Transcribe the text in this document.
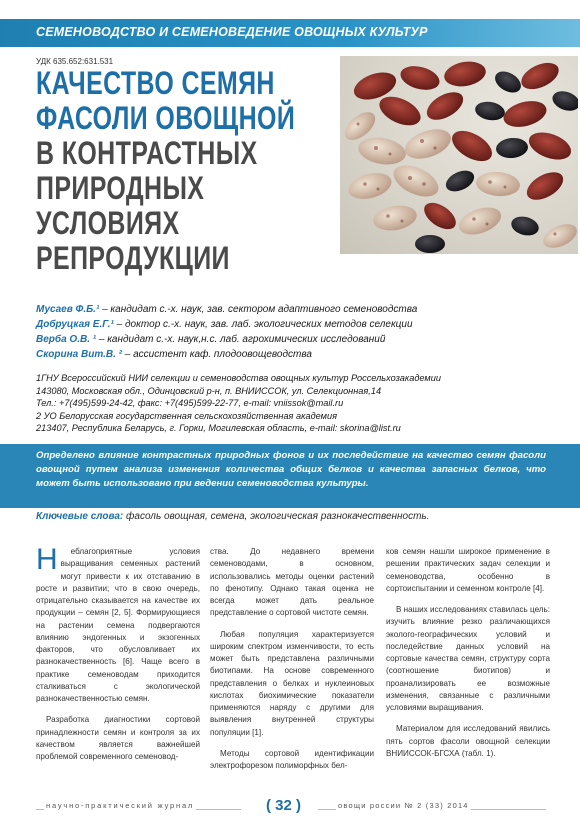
СЕМЕНОВОДСТВО И СЕМЕНОВЕДЕНИЕ ОВОЩНЫХ КУЛЬТУР
УДК 635.652:631.531
КАЧЕСТВО СЕМЯН
ФАСОЛИ ОВОЩНОЙ
В КОНТРАСТНЫХ
ПРИРОДНЫХ
УСЛОВИЯХ
РЕПРОДУКЦИИ
Мусаев Ф.Б.¹ – кандидат с.-х. наук, зав. сектором адаптивного семеноводства
Добруцкая Е.Г.¹ – доктор с.-х. наук, зав. лаб. экологических методов селекции
Верба О.В. ¹ – кандидат с.-х. наук,н.с. лаб. агрохимических исследований
Скорина Вит.В. ² – ассистент каф. плодоовощеводства
1ГНУ Всероссийский НИИ селекции и семеноводства овощных культур Россельхозакадемии
143080, Московская обл., Одинцовский р-н, п. ВНИИССОК, ул. Селекционная,14
Тел.: +7(495)599-24-42, факс: +7(495)599-22-77, e-mail: vniissok@mail.ru
2 УО Белорусская государственная сельскохозяйственная академия
213407, Республика Беларусь, г. Горки, Могилевская область, e-mail: skorina@list.ru
Определено влияние контрастных природных фонов и их последействие на качество семян фасоли овощной путем анализа изменения количества общих белков и качества запасных белков, что может быть использовано при ведении семеноводства культуры.
Ключевые слова: фасоль овощная, семена, экологическая разнокачественность.

Н еблагоприятные условия выращивания семенных растений могут привести к их отставанию в росте и развитии; что в свою очередь, отрицательно сказывается на качестве их продукции – семян [2, 5]. Формирующиеся на растении семена подвергаются влиянию эндогенных и экзогенных факторов, что обусловливает их разнокачественность [6]. Чаще всего в практике семеноводам приходится сталкиваться с экологической разнокачественностью семян.

Разработка диагностики сортовой принадлежности семян и контроля за их качеством является важнейшей проблемой современного семеновод-

ства. До недавнего времени семеноводами, в основном, использовались методы оценки растений по фенотипу. Однако такая оценка не всегда может дать реальное представление о сортовой чистоте семян.

Любая популяция характеризуется широким спектром изменчивости, то есть может быть представлена различными биотипами. На основе современного представления о белках и нуклеиновых кислотах биохимические показатели применяются наряду с другими для выявления внутренней структуры популяции [1].

Методы сортовой идентификации электрофорезом полиморфных бел-

ков семян нашли широкое применение в решении практических задач селекции и семеноводства, особенно в сортоиспытании и семенном контроле [4].

В наших исследованиях ставилась цель: изучить влияние резко различающихся эколого-географических условий и последействие данных условий на сортовые качества семян, структуру сорта (соотношение биотипов) и проанализировать ее возможные изменения, связанные с различными условиями выращивания.

Материалом для исследований явились пять сортов фасоли овощной селекции ВНИИССОК-БГСХА (табл. 1).

научно-практический журнал	( 32 )	овощи россии № 2 (33) 2014
